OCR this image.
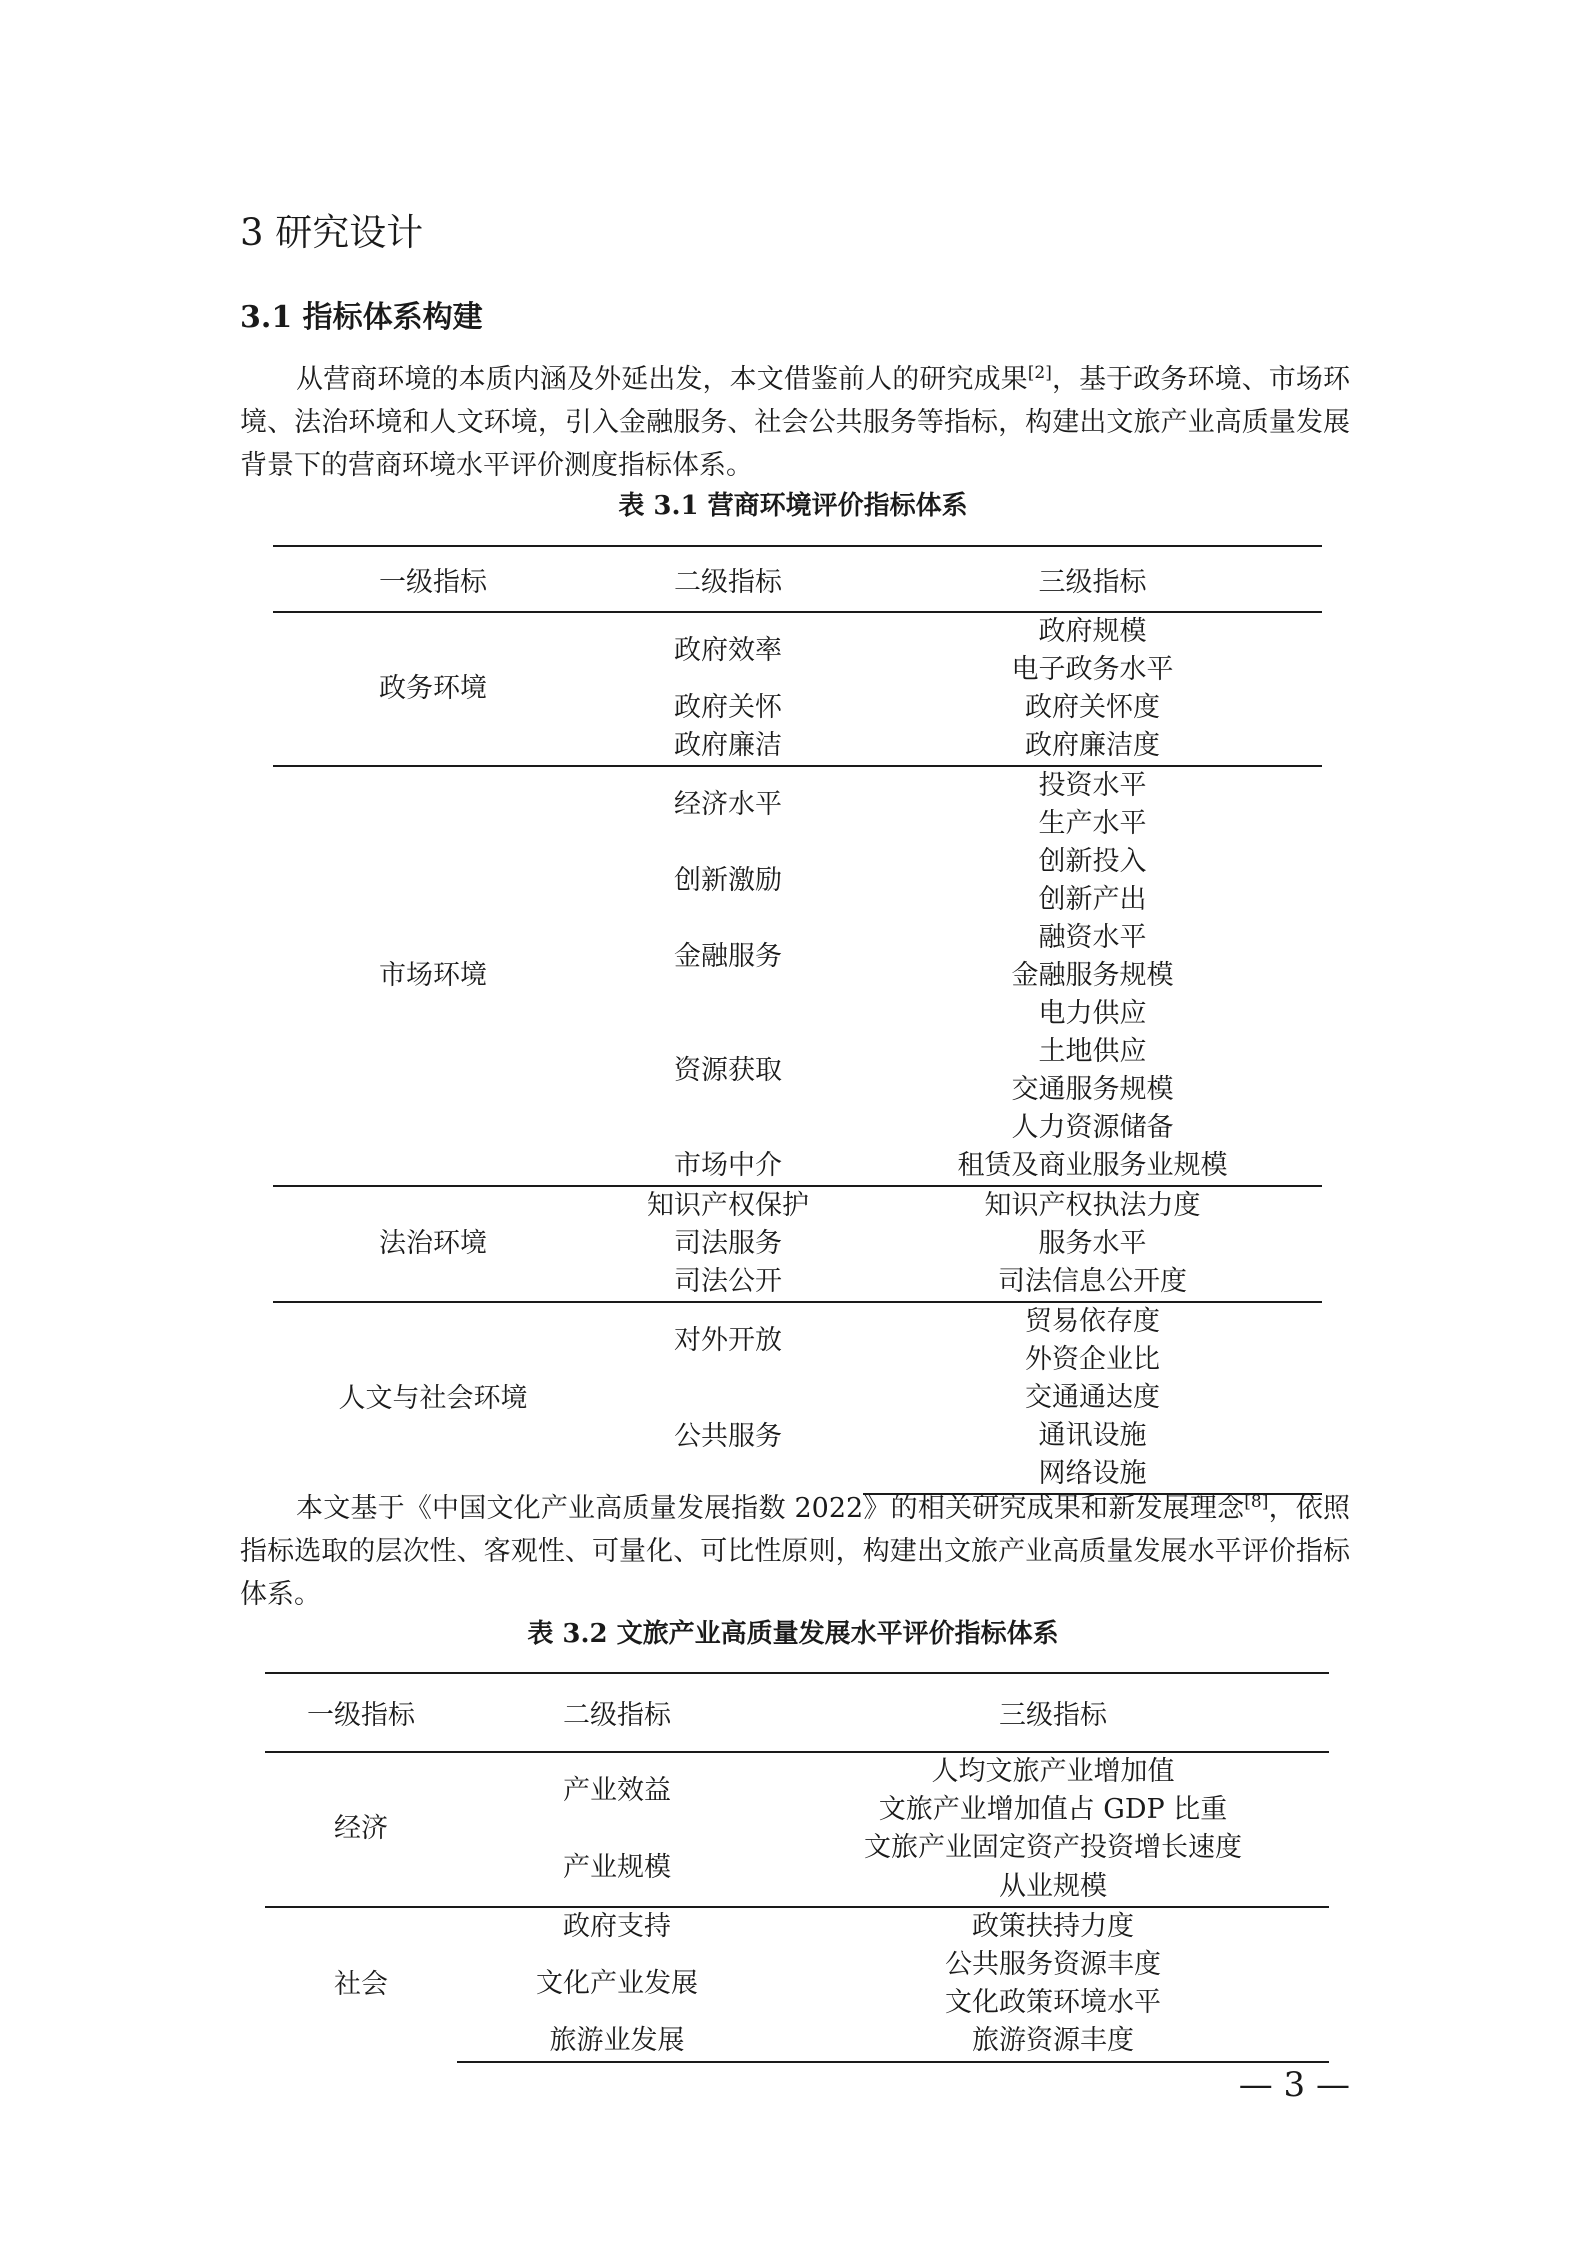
3 研究设计
3.1 指标体系构建

从营商环境的本质内涵及外延出发，本文借鉴前人的研究成果[2]，基于政务环境、市场环境、法治环境和人文环境，引入金融服务、社会公共服务等指标，构建出文旅产业高质量发展背景下的营商环境水平评价测度指标体系。

表 3.1 营商环境评价指标体系
一级指标	二级指标	三级指标
政务环境	政府效率	政府规模
		电子政务水平
	政府关怀	政府关怀度
	政府廉洁	政府廉洁度
市场环境	经济水平	投资水平
		生产水平
	创新激励	创新投入
		创新产出
	金融服务	融资水平
		金融服务规模
	资源获取	电力供应
		土地供应
		交通服务规模
		人力资源储备
	市场中介	租赁及商业服务业规模
法治环境	知识产权保护	知识产权执法力度
	司法服务	服务水平
	司法公开	司法信息公开度
人文与社会环境	对外开放	贸易依存度
		外资企业比
	公共服务	交通通达度
		通讯设施
		网络设施

本文基于《中国文化产业高质量发展指数 2022》的相关研究成果和新发展理念[8]，依照指标选取的层次性、客观性、可量化、可比性原则，构建出文旅产业高质量发展水平评价指标体系。

表 3.2 文旅产业高质量发展水平评价指标体系
一级指标	二级指标	三级指标
经济	产业效益	人均文旅产业增加值
		文旅产业增加值占 GDP 比重
	产业规模	文旅产业固定资产投资增长速度
		从业规模
社会	政府支持	政策扶持力度
	文化产业发展	公共服务资源丰度
		文化政策环境水平
	旅游业发展	旅游资源丰度
— 3 —
